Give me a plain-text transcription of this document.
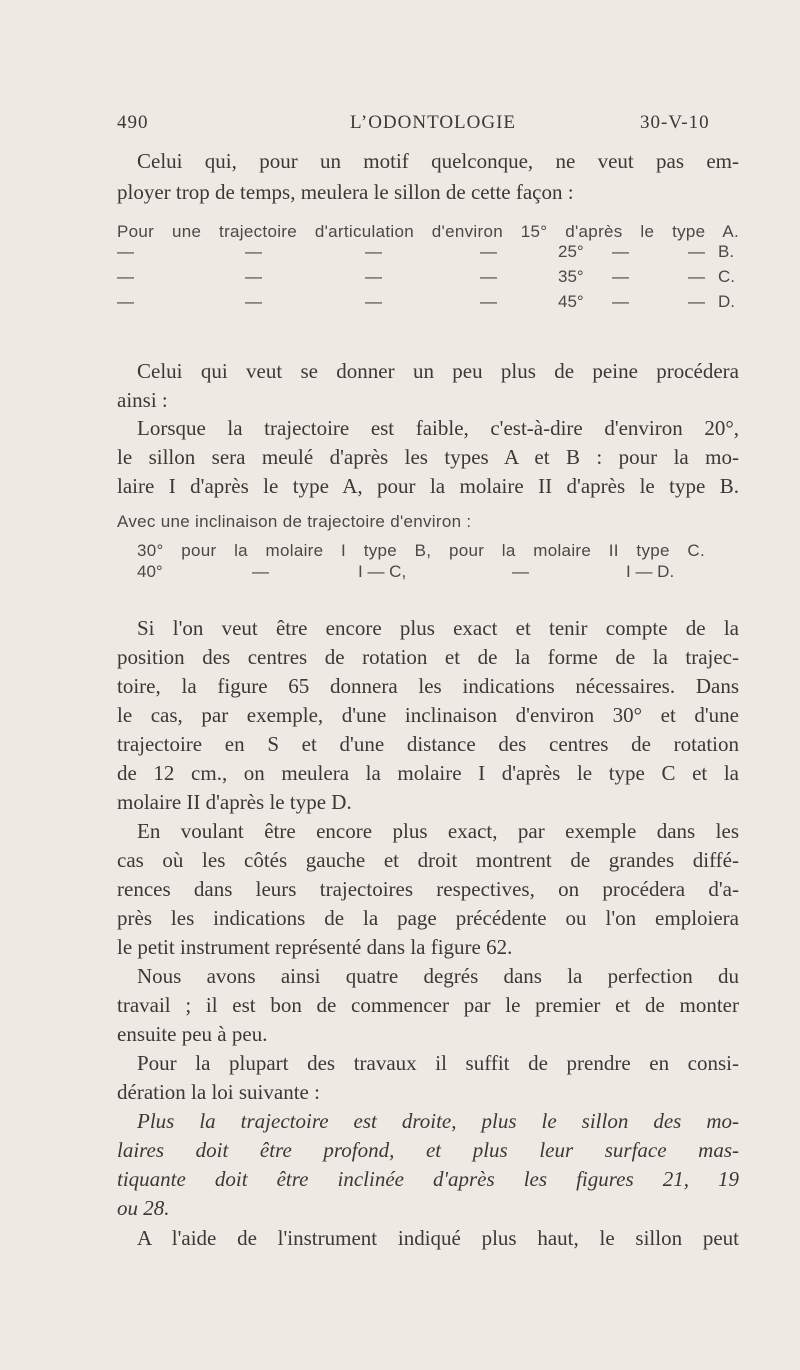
490	L’ODONTOLOGIE	30-V-10
Celui qui, pour un motif quelconque, ne veut pas em-
ployer trop de temps, meulera le sillon de cette façon :
Pour une trajectoire d'articulation d'environ 15° d'après le type A.
—	—	—	—	25° —	— B.
—	—	—	—	35° —	— C.
—	—	—	—	45° —	— D.
Celui qui veut se donner un peu plus de peine procédera
ainsi :
Lorsque la trajectoire est faible, c'est-à-dire d'environ 20°,
le sillon sera meulé d'après les types A et B : pour la mo-
laire I d'après le type A, pour la molaire II d'après le type B.
Avec une inclinaison de trajectoire d'environ :
30° pour la molaire I type B, pour la molaire II type C.
40°	—	I — C,	—	I — D.
Si l'on veut être encore plus exact et tenir compte de la
position des centres de rotation et de la forme de la trajec-
toire, la figure 65 donnera les indications nécessaires. Dans
le cas, par exemple, d'une inclinaison d'environ 30° et d'une
trajectoire en S et d'une distance des centres de rotation
de 12 cm., on meulera la molaire I d'après le type C et la
molaire II d'après le type D.
En voulant être encore plus exact, par exemple dans les
cas où les côtés gauche et droit montrent de grandes diffé-
rences dans leurs trajectoires respectives, on procédera d'a-
près les indications de la page précédente ou l'on emploiera
le petit instrument représenté dans la figure 62.
Nous avons ainsi quatre degrés dans la perfection du
travail ; il est bon de commencer par le premier et de monter
ensuite peu à peu.
Pour la plupart des travaux il suffit de prendre en consi-
dération la loi suivante :
Plus la trajectoire est droite, plus le sillon des mo-
laires doit être profond, et plus leur surface mas-
tiquante doit être inclinée d'après les figures 21, 19
ou 28.
A l'aide de l'instrument indiqué plus haut, le sillon peut
